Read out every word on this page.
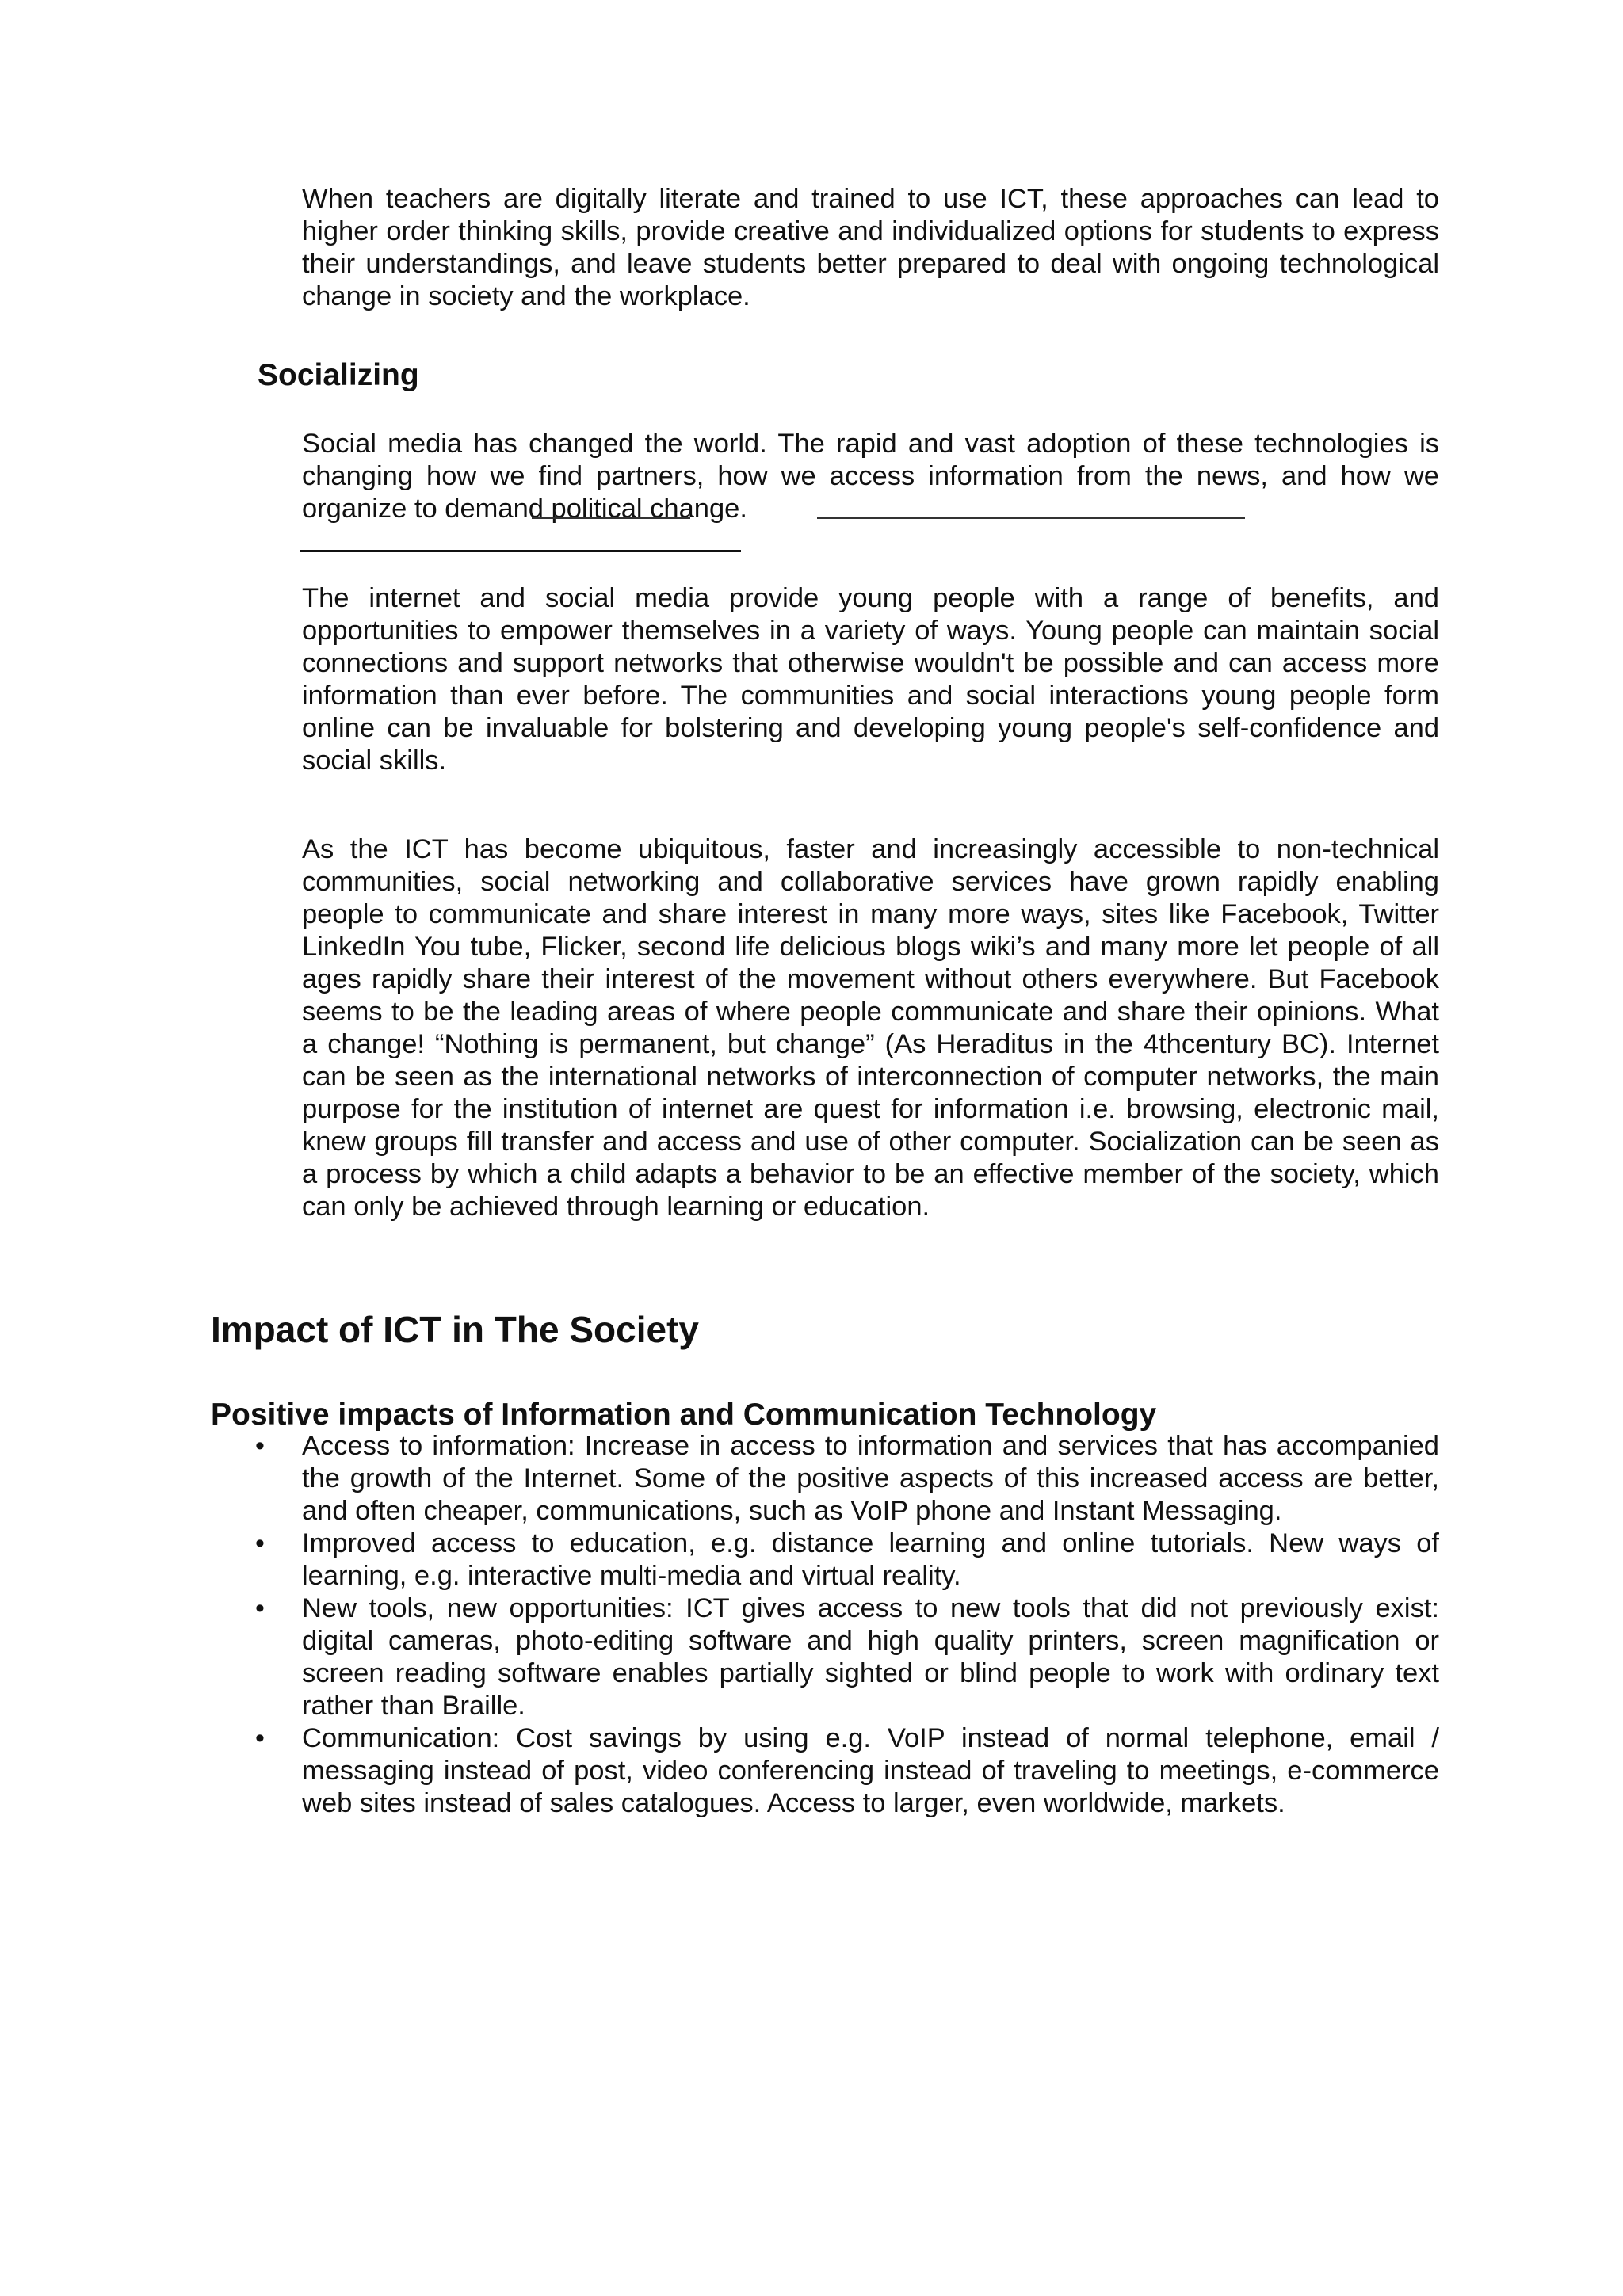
When teachers are digitally literate and trained to use ICT, these approaches can lead to higher order thinking skills, provide creative and individualized options for students to express their understandings, and leave students better prepared to deal with ongoing technological change in society and the workplace.

Socializing

Social media has changed the world. The rapid and vast adoption of these technologies is changing how we find partners, how we access information from the news, and how we organize to demand political change.

The internet and social media provide young people with a range of benefits, and opportunities to empower themselves in a variety of ways. Young people can maintain social connections and support networks that otherwise wouldn't be possible and can access more information than ever before. The communities and social interactions young people form online can be invaluable for bolstering and developing young people's self-confidence and social skills.

As the ICT has become ubiquitous, faster and increasingly accessible to non-technical communities, social networking and collaborative services have grown rapidly enabling people to communicate and share interest in many more ways, sites like Facebook, Twitter LinkedIn You tube, Flicker, second life delicious blogs wiki’s and many more let people of all ages rapidly share their interest of the movement without others everywhere. But Facebook seems to be the leading areas of where people communicate and share their opinions. What a change! “Nothing is permanent, but change” (As Heraditus in the 4thcentury BC). Internet can be seen as the international networks of interconnection of computer networks, the main purpose for the institution of internet are quest for information i.e. browsing, electronic mail, knew groups fill transfer and access and use of other computer. Socialization can be seen as a process by which a child adapts a behavior to be an effective member of the society, which can only be achieved through learning or education.

Impact of ICT in The Society
Positive impacts of Information and Communication Technology
• Access to information: Increase in access to information and services that has accompanied the growth of the Internet. Some of the positive aspects of this increased access are better, and often cheaper, communications, such as VoIP phone and Instant Messaging.
• Improved access to education, e.g. distance learning and online tutorials. New ways of learning, e.g. interactive multi-media and virtual reality.
• New tools, new opportunities: ICT gives access to new tools that did not previously exist: digital cameras, photo-editing software and high quality printers, screen magnification or screen reading software enables partially sighted or blind people to work with ordinary text rather than Braille.
• Communication: Cost savings by using e.g. VoIP instead of normal telephone, email / messaging instead of post, video conferencing instead of traveling to meetings, e-commerce web sites instead of sales catalogues. Access to larger, even worldwide, markets.
